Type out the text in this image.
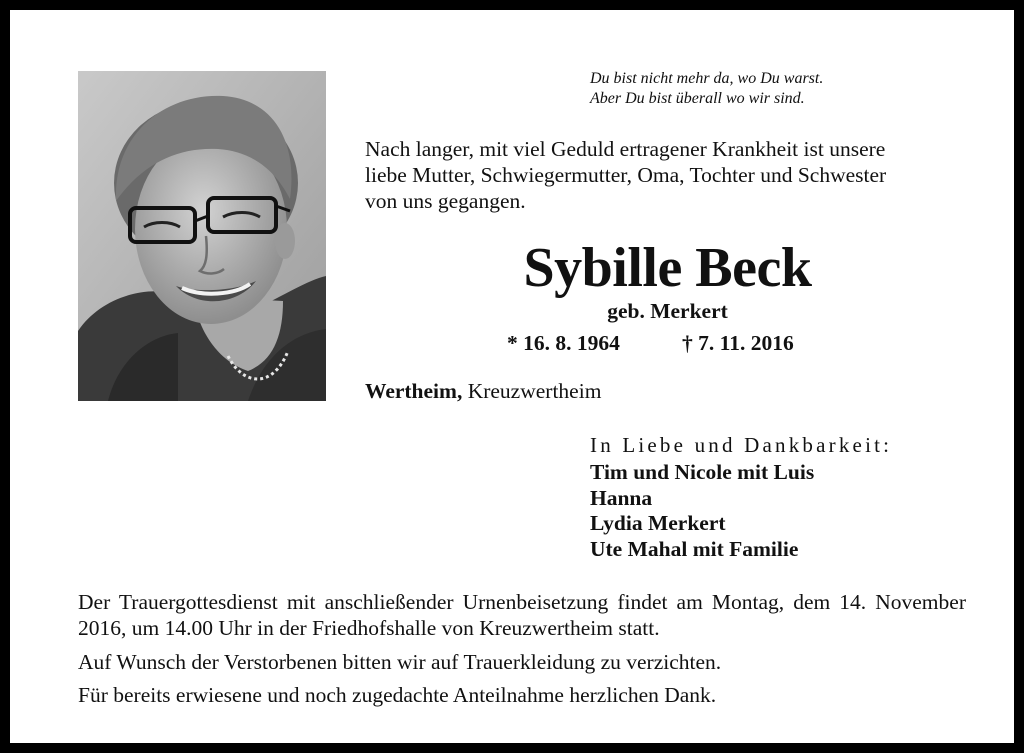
Du bist nicht mehr da, wo Du warst.
Aber Du bist überall wo wir sind.
Nach langer, mit viel Geduld ertragener Krankheit ist unsere
liebe Mutter, Schwiegermutter, Oma, Tochter und Schwester
von uns gegangen.
Sybille Beck
geb. Merkert
* 16. 8. 1964	† 7. 11. 2016
Wertheim, Kreuzwertheim
In Liebe und Dankbarkeit:
Tim und Nicole mit Luis
Hanna
Lydia Merkert
Ute Mahal mit Familie

Der Trauergottesdienst mit anschließender Urnenbeisetzung findet am Montag, dem 14. November 2016, um 14.00 Uhr in der Friedhofshalle von Kreuzwertheim statt.

Auf Wunsch der Verstorbenen bitten wir auf Trauerkleidung zu verzichten.

Für bereits erwiesene und noch zugedachte Anteilnahme herzlichen Dank.
